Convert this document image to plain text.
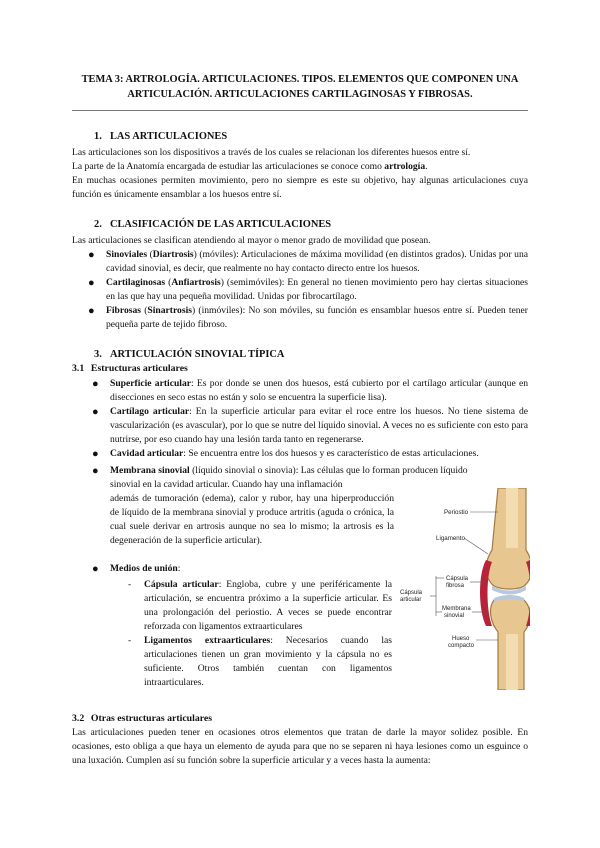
TEMA 3: ARTROLOGÍA. ARTICULACIONES. TIPOS. ELEMENTOS QUE COMPONEN UNA ARTICULACIÓN. ARTICULACIONES CARTILAGINOSAS Y FIBROSAS.
1. LAS ARTICULACIONES

Las articulaciones son los dispositivos a través de los cuales se relacionan los diferentes huesos entre sí.

La parte de la Anatomía encargada de estudiar las articulaciones se conoce como artrología.

En muchas ocasiones permiten movimiento, pero no siempre es este su objetivo, hay algunas articulaciones cuya función es únicamente ensamblar a los huesos entre sí.

2. CLASIFICACIÓN DE LAS ARTICULACIONES
Las articulaciones se clasifican atendiendo al mayor o menor grado de movilidad que posean.
● Sinoviales (Diartrosis) (móviles): Articulaciones de máxima movilidad (en distintos grados). Unidas por una cavidad sinovial, es decir, que realmente no hay contacto directo entre los huesos.
● Cartilaginosas (Anfiartrosis) (semimóviles): En general no tienen movimiento pero hay ciertas situaciones en las que hay una pequeña movilidad. Unidas por fibrocartílago.
● Fibrosas (Sinartrosis) (inmóviles): No son móviles, su función es ensamblar huesos entre sí. Pueden tener pequeña parte de tejido fibroso.
3. ARTICULACIÓN SINOVIAL TÍPICA
3.1 Estructuras articulares
● Superficie articular: Es por donde se unen dos huesos, está cubierto por el cartílago articular (aunque en disecciones en seco estas no están y solo se encuentra la superficie lisa).
● Cartílago articular: En la superficie articular para evitar el roce entre los huesos. No tiene sistema de vascularización (es avascular), por lo que se nutre del líquido sinovial. A veces no es suficiente con esto para nutrirse, por eso cuando hay una lesión tarda tanto en regenerarse.
● Cavidad articular: Se encuentra entre los dos huesos y es característico de estas articulaciones.
● Membrana sinovial (líquido sinovial o sinovia): Las células que lo forman producen líquido
sinovial en la cavidad articular. Cuando hay una inflamación
además de tumoración (edema), calor y rubor, hay una hiperproducción de líquido de la membrana sinovial y produce artritis (aguda o crónica, la cual suele derivar en artrosis aunque no sea lo mismo; la artrosis es la degeneración de la superficie articular).
● Medios de unión:
- Cápsula articular: Engloba, cubre y une periféricamente la articulación, se encuentra próximo a la superficie articular. Es una prolongación del periostio. A veces se puede encontrar reforzada con ligamentos extraarticulares
- Ligamentos extraarticulares: Necesarios cuando las articulaciones tienen un gran movimiento y la cápsula no es suficiente. Otros también cuentan con ligamentos intraarticulares.
3.2 Otras estructuras articulares
Las articulaciones pueden tener en ocasiones otros elementos que tratan de darle la mayor solidez posible. En ocasiones, esto obliga a que haya un elemento de ayuda para que no se separen ni haya lesiones como un esguince o una luxación. Cumplen así su función sobre la superficie articular y a veces hasta la aumenta:
Periostio
Ligamento
Cápsula
articular
Cápsula
fibrosa
Membrana
sinovial
Hueso
compacto
